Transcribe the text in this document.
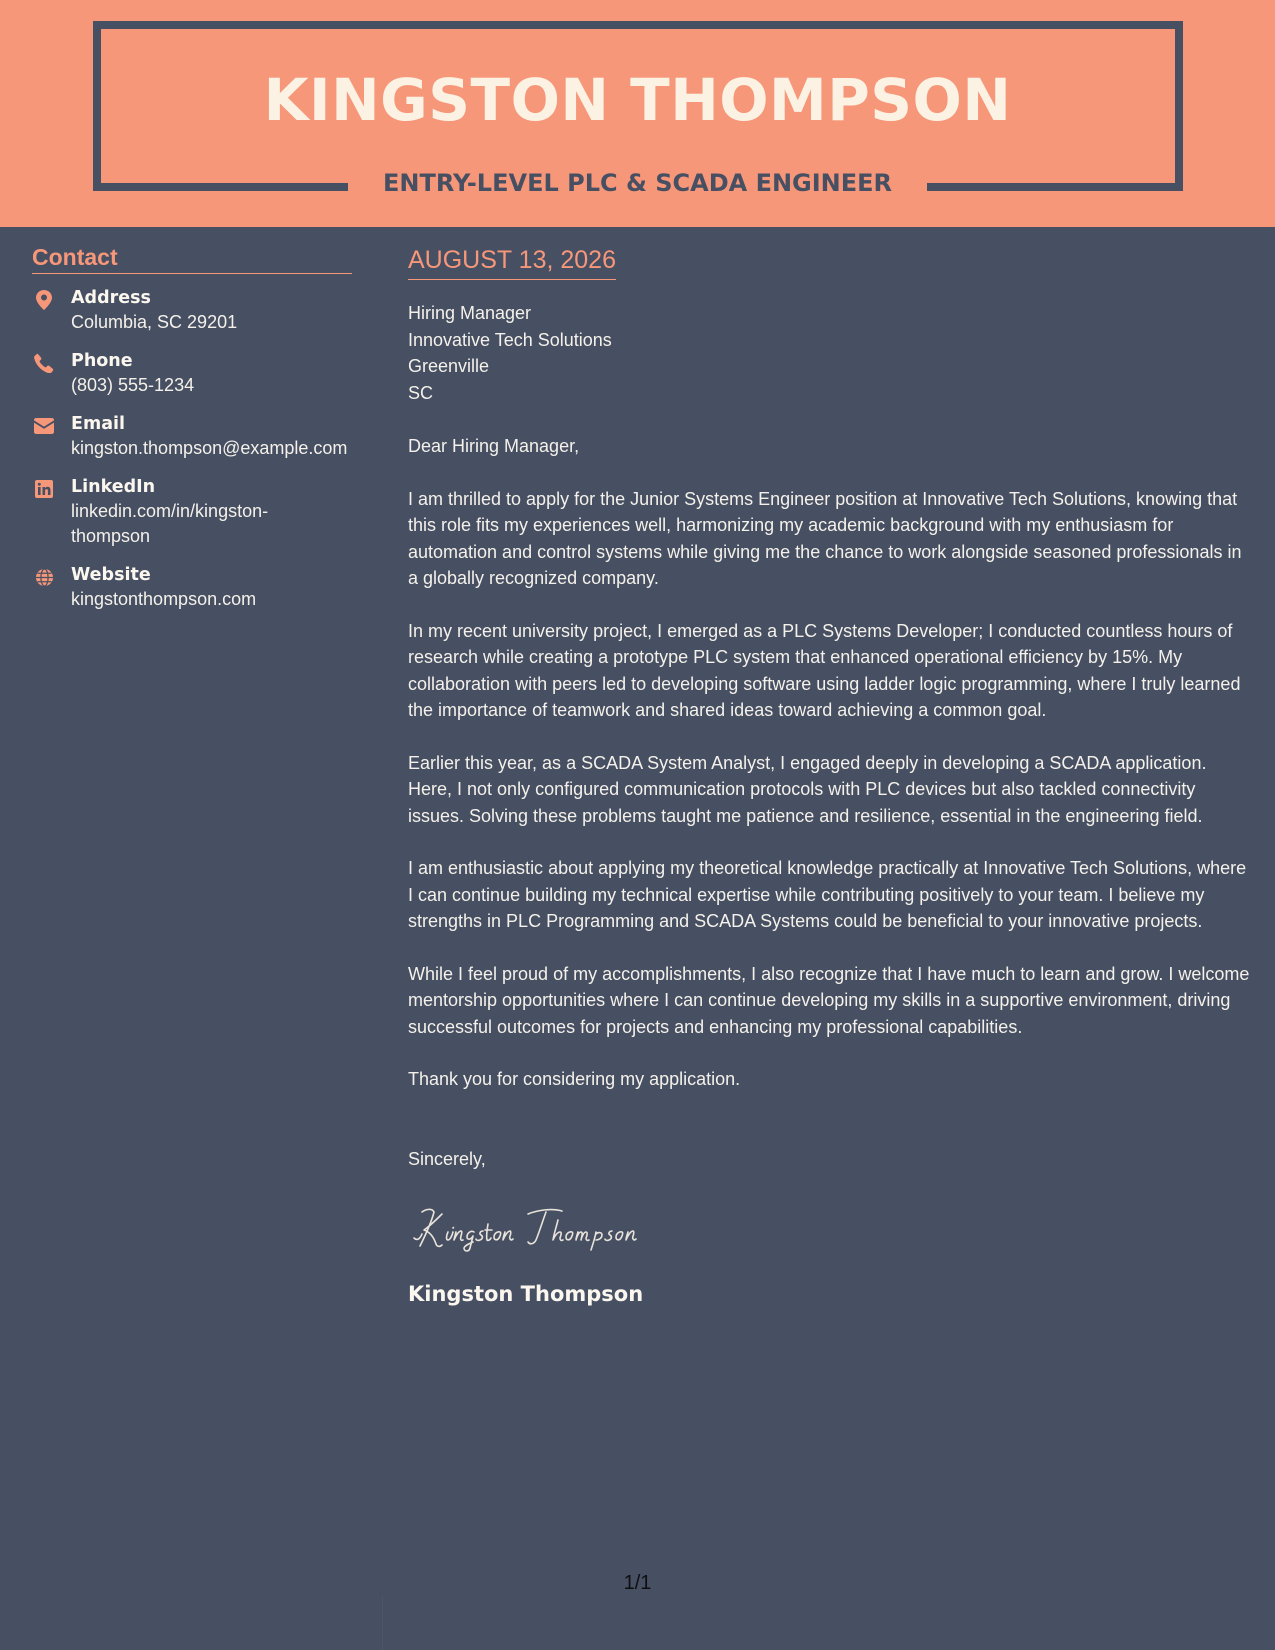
KINGSTON THOMPSON
ENTRY-LEVEL PLC & SCADA ENGINEER
Contact
Address
Columbia, SC 29201
Phone
(803) 555-1234
Email
kingston.thompson@example.com
LinkedIn
linkedin.com/in/kingston-
thompson
Website
kingstonthompson.com
AUGUST 13, 2026
Hiring Manager
Innovative Tech Solutions
Greenville
SC

Dear Hiring Manager,

I am thrilled to apply for the Junior Systems Engineer position at Innovative Tech Solutions, knowing that this role fits my experiences well, harmonizing my academic background with my enthusiasm for automation and control systems while giving me the chance to work alongside seasoned professionals in a globally recognized company.

In my recent university project, I emerged as a PLC Systems Developer; I conducted countless hours of research while creating a prototype PLC system that enhanced operational efficiency by 15%. My collaboration with peers led to developing software using ladder logic programming, where I truly learned the importance of teamwork and shared ideas toward achieving a common goal.

Earlier this year, as a SCADA System Analyst, I engaged deeply in developing a SCADA application. Here, I not only configured communication protocols with PLC devices but also tackled connectivity issues. Solving these problems taught me patience and resilience, essential in the engineering field.

I am enthusiastic about applying my theoretical knowledge practically at Innovative Tech Solutions, where I can continue building my technical expertise while contributing positively to your team. I believe my strengths in PLC Programming and SCADA Systems could be beneficial to your innovative projects.

While I feel proud of my accomplishments, I also recognize that I have much to learn and grow. I welcome mentorship opportunities where I can continue developing my skills in a supportive environment, driving successful outcomes for projects and enhancing my professional capabilities.

Thank you for considering my application.

Sincerely,

Kingston Thompson
1/1
